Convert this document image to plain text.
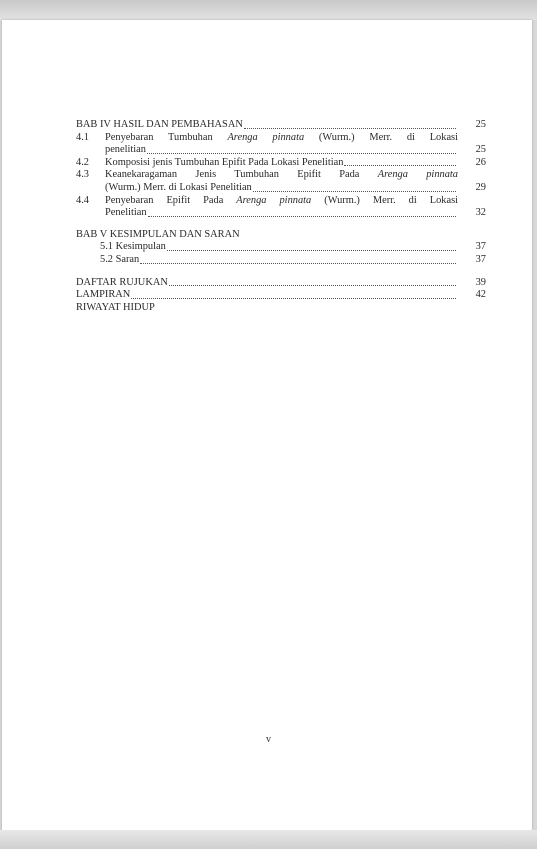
BAB IV HASIL DAN PEMBAHASAN	25
4.1 Penyebaran Tumbuhan Arenga pinnata (Wurm.) Merr. di Lokasi
penelitian	25
4.2 Komposisi jenis Tumbuhan Epifit Pada Lokasi Penelitian	26
4.3 Keanekaragaman Jenis Tumbuhan Epifit Pada Arenga pinnata
(Wurm.) Merr. di Lokasi Penelitian	29
4.4 Penyebaran Epifit Pada Arenga pinnata (Wurm.) Merr. di Lokasi
Penelitian	32
BAB V KESIMPULAN DAN SARAN
5.1 Kesimpulan	37
5.2 Saran	37
DAFTAR RUJUKAN	39
LAMPIRAN	42
RIWAYAT HIDUP
v
